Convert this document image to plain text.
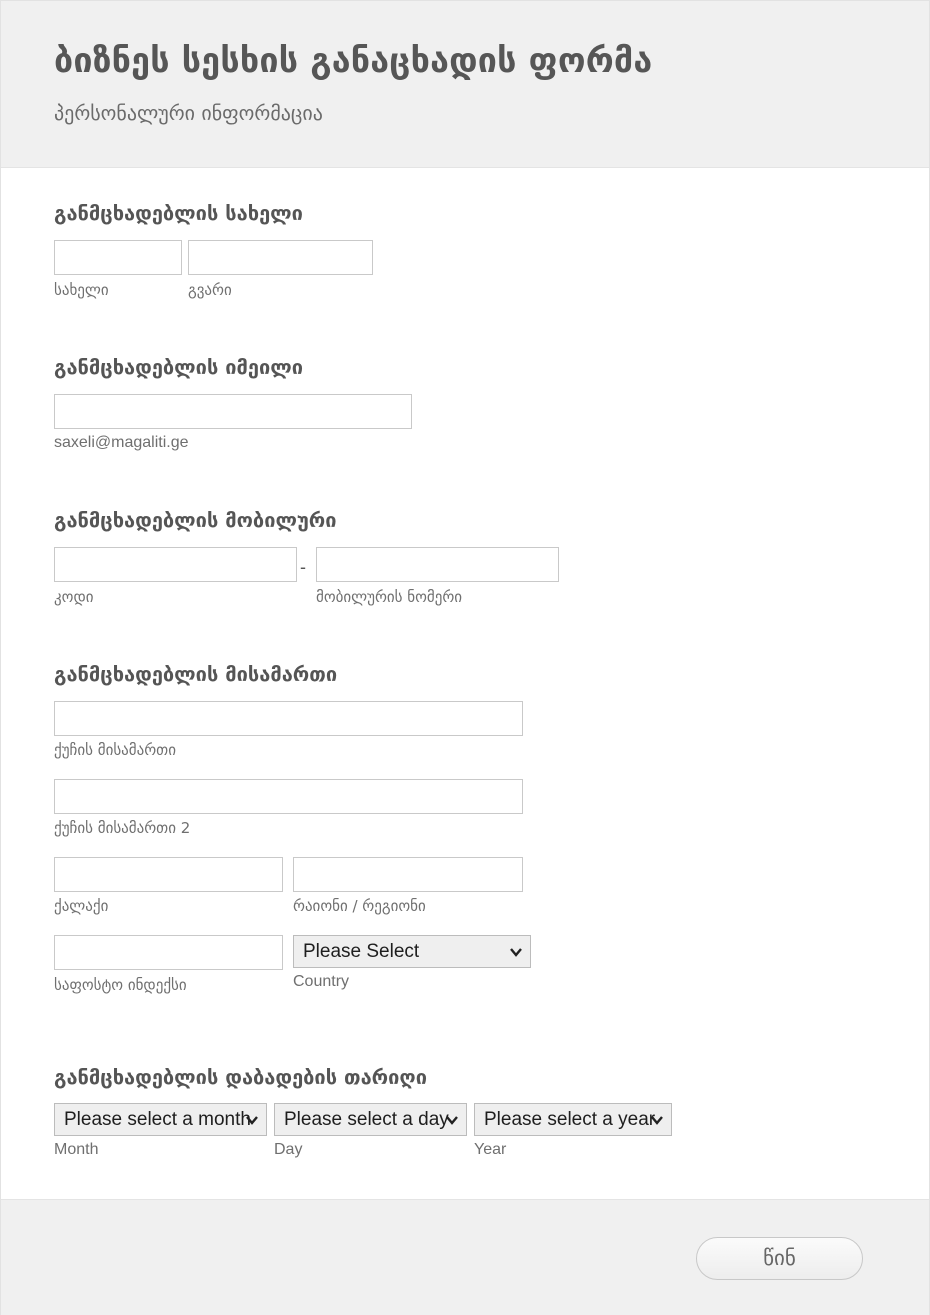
ბიზნეს სესხის განაცხადის ფორმა
პერსონალური ინფორმაცია
განმცხადებლის სახელი
სახელი	გვარი
განმცხადებლის იმეილი
saxeli@magaliti.ge
განმცხადებლის მობილური
-
კოდი	მობილურის ნომერი
განმცხადებლის მისამართი
ქუჩის მისამართი
ქუჩის მისამართი 2
ქალაქი	რაიონი / რეგიონი
Please Select
საფოსტო ინდექსი	Country
განმცხადებლის დაბადების თარიღი
Please select a month	Please select a day	Please select a year
Month	Day	Year
წინ
